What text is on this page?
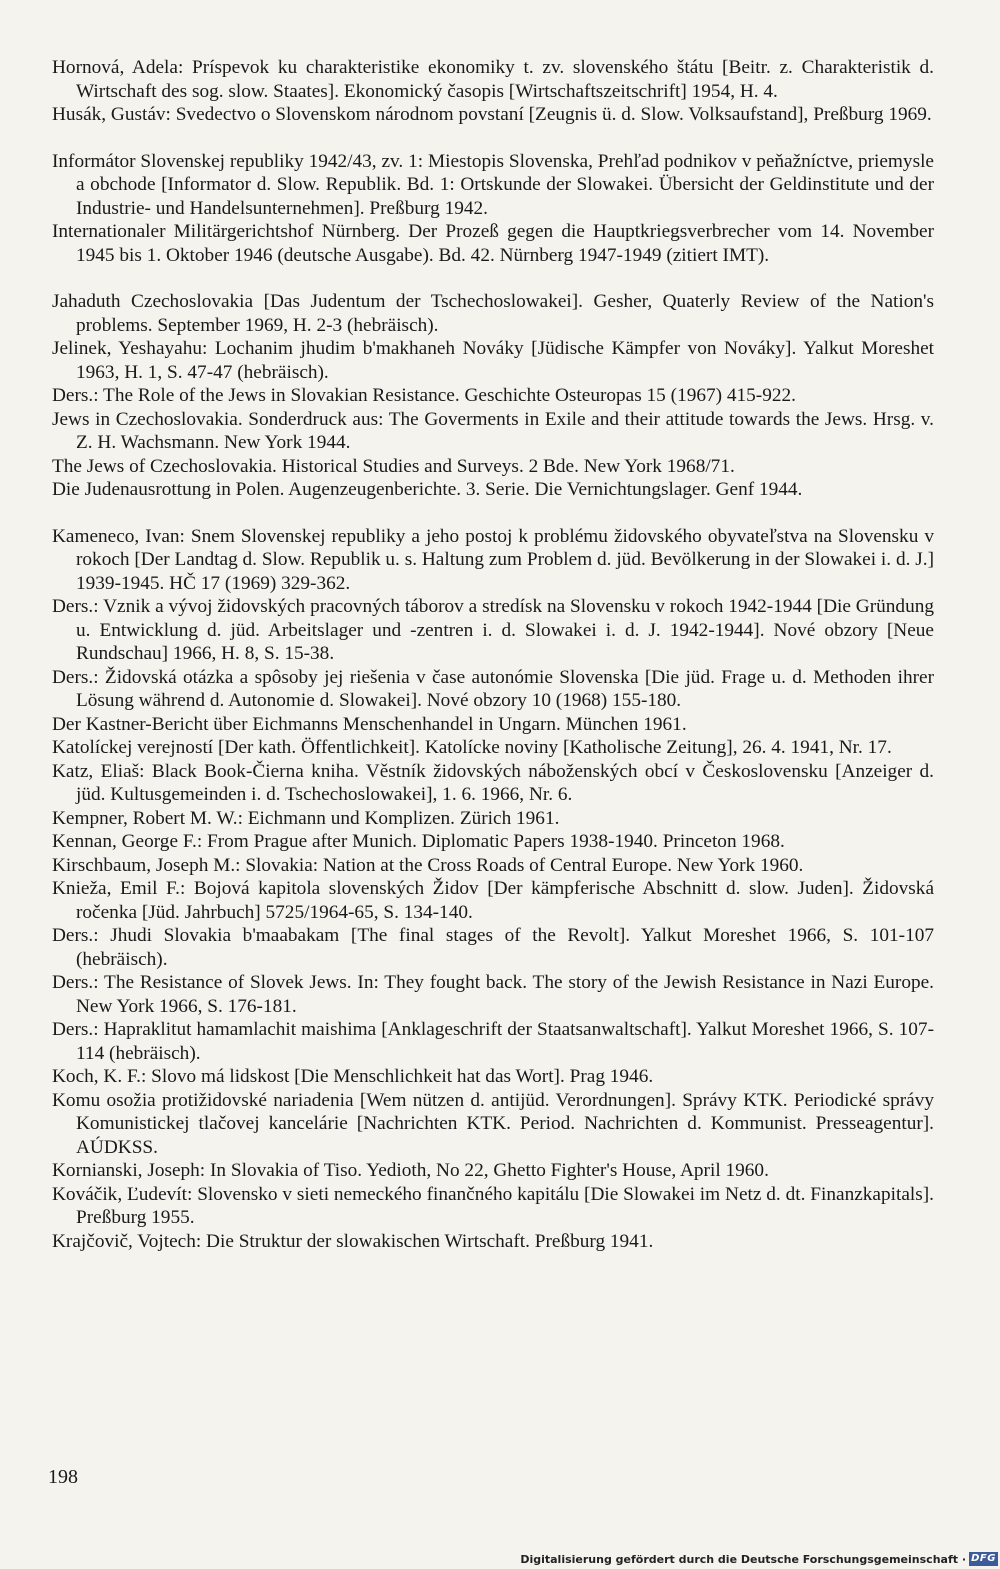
Hornová, Adela: Príspevok ku charakteristike ekonomiky t. zv. slovenského štátu [Beitr. z. Charakteristik d. Wirtschaft des sog. slow. Staates]. Ekonomický časopis [Wirtschaftszeitschrift] 1954, H. 4.

Husák, Gustáv: Svedectvo o Slovenskom národnom povstaní [Zeugnis ü. d. Slow. Volksaufstand], Preßburg 1969.

Informátor Slovenskej republiky 1942/43, zv. 1: Miestopis Slovenska, Prehľad podnikov v peňažníctve, priemysle a obchode [Informator d. Slow. Republik. Bd. 1: Ortskunde der Slowakei. Übersicht der Geldinstitute und der Industrie- und Handelsunternehmen]. Preßburg 1942.

Internationaler Militärgerichtshof Nürnberg. Der Prozeß gegen die Hauptkriegsverbrecher vom 14. November 1945 bis 1. Oktober 1946 (deutsche Ausgabe). Bd. 42. Nürnberg 1947-1949 (zitiert IMT).

Jahaduth Czechoslovakia [Das Judentum der Tschechoslowakei]. Gesher, Quaterly Review of the Nation's problems. September 1969, H. 2-3 (hebräisch).

Jelinek, Yeshayahu: Lochanim jhudim b'makhaneh Nováky [Jüdische Kämpfer von Nováky]. Yalkut Moreshet 1963, H. 1, S. 47-47 (hebräisch).

Ders.: The Role of the Jews in Slovakian Resistance. Geschichte Osteuropas 15 (1967) 415-922.

Jews in Czechoslovakia. Sonderdruck aus: The Goverments in Exile and their attitude towards the Jews. Hrsg. v. Z. H. Wachsmann. New York 1944.

The Jews of Czechoslovakia. Historical Studies and Surveys. 2 Bde. New York 1968/71.

Die Judenausrottung in Polen. Augenzeugenberichte. 3. Serie. Die Vernichtungslager. Genf 1944.

Kameneco, Ivan: Snem Slovenskej republiky a jeho postoj k problému židovského obyvateľstva na Slovensku v rokoch [Der Landtag d. Slow. Republik u. s. Haltung zum Problem d. jüd. Bevölkerung in der Slowakei i. d. J.] 1939-1945. HČ 17 (1969) 329-362.

Ders.: Vznik a vývoj židovských pracovných táborov a stredísk na Slovensku v rokoch 1942-1944 [Die Gründung u. Entwicklung d. jüd. Arbeitslager und -zentren i. d. Slowakei i. d. J. 1942-1944]. Nové obzory [Neue Rundschau] 1966, H. 8, S. 15-38.

Ders.: Židovská otázka a spôsoby jej riešenia v čase autonómie Slovenska [Die jüd. Frage u. d. Methoden ihrer Lösung während d. Autonomie d. Slowakei]. Nové obzory 10 (1968) 155-180.

Der Kastner-Bericht über Eichmanns Menschenhandel in Ungarn. München 1961.

Katolíckej verejností [Der kath. Öffentlichkeit]. Katolícke noviny [Katholische Zeitung], 26. 4. 1941, Nr. 17.

Katz, Eliaš: Black Book-Čierna kniha. Věstník židovských náboženských obcí v Československu [Anzeiger d. jüd. Kultusgemeinden i. d. Tschechoslowakei], 1. 6. 1966, Nr. 6.

Kempner, Robert M. W.: Eichmann und Komplizen. Zürich 1961.

Kennan, George F.: From Prague after Munich. Diplomatic Papers 1938-1940. Princeton 1968.

Kirschbaum, Joseph M.: Slovakia: Nation at the Cross Roads of Central Europe. New York 1960.

Knieža, Emil F.: Bojová kapitola slovenských Židov [Der kämpferische Abschnitt d. slow. Juden]. Židovská ročenka [Jüd. Jahrbuch] 5725/1964-65, S. 134-140.

Ders.: Jhudi Slovakia b'maabakam [The final stages of the Revolt]. Yalkut Moreshet 1966, S. 101-107 (hebräisch).

Ders.: The Resistance of Slovek Jews. In: They fought back. The story of the Jewish Resistance in Nazi Europe. New York 1966, S. 176-181.

Ders.: Hapraklitut hamamlachit maishima [Anklageschrift der Staatsanwaltschaft]. Yalkut Moreshet 1966, S. 107-114 (hebräisch).

Koch, K. F.: Slovo má lidskost [Die Menschlichkeit hat das Wort]. Prag 1946.

Komu osožia protižidovské nariadenia [Wem nützen d. antijüd. Verordnungen]. Správy KTK. Periodické správy Komunistickej tlačovej kancelárie [Nachrichten KTK. Period. Nachrichten d. Kommunist. Presseagentur]. AÚDKSS.

Kornianski, Joseph: In Slovakia of Tiso. Yedioth, No 22, Ghetto Fighter's House, April 1960.

Kováčik, Ľudevít: Slovensko v sieti nemeckého finančného kapitálu [Die Slowakei im Netz d. dt. Finanzkapitals]. Preßburg 1955.

Krajčovič, Vojtech: Die Struktur der slowakischen Wirtschaft. Preßburg 1941.

198
Digitalisierung gefördert durch die Deutsche Forschungsgemeinschaft · DFG
